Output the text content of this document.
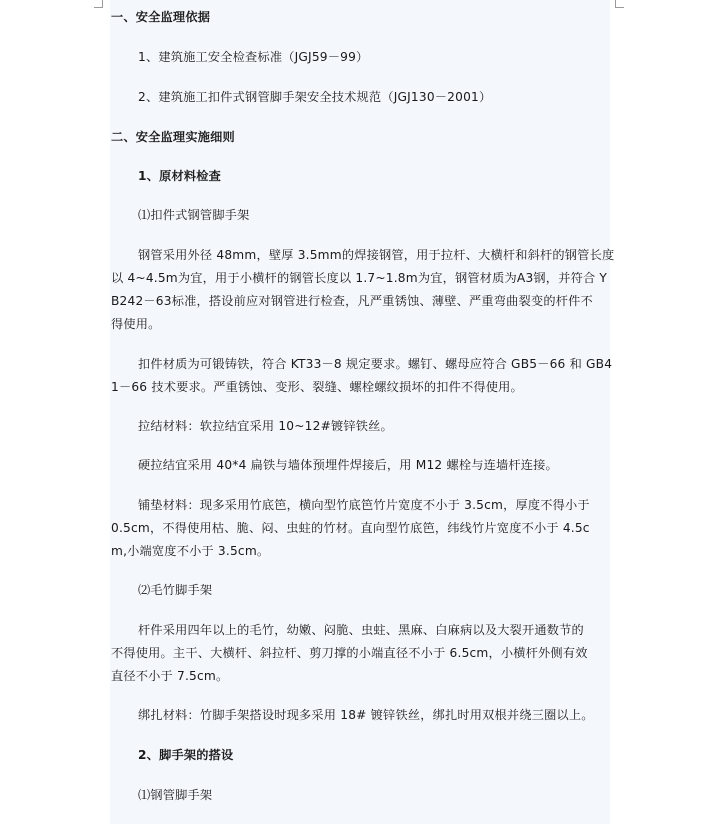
一、安全监理依据
1、建筑施工安全检查标准（JGJ59－99）
2、建筑施工扣件式钢管脚手架安全技术规范（JGJ130－2001）
二、安全监理实施细则
1、原材料检查
⑴扣件式钢管脚手架
钢管采用外径 48mm，壁厚 3.5mm的焊接钢管，用于拉杆、大横杆和斜杆的钢管长度
以 4~4.5m为宜，用于小横杆的钢管长度以 1.7~1.8m为宜，钢管材质为A3钢，并符合 Y
B242－63标准，搭设前应对钢管进行检查，凡严重锈蚀、薄壁、严重弯曲裂变的杆件不
得使用。
扣件材质为可锻铸铁，符合 KT33－8 规定要求。螺钉、螺母应符合 GB5－66 和 GB4
1－66 技术要求。严重锈蚀、变形、裂缝、螺栓螺纹损坏的扣件不得使用。
拉结材料：软拉结宜采用 10~12#镀锌铁丝。
硬拉结宜采用 40*4 扁铁与墙体预埋件焊接后，用 M12 螺栓与连墙杆连接。
铺垫材料：现多采用竹底笆，横向型竹底笆竹片宽度不小于 3.5cm，厚度不得小于
0.5cm，不得使用枯、脆、闷、虫蛀的竹材。直向型竹底笆，纬线竹片宽度不小于 4.5c
m,小端宽度不小于 3.5cm。
⑵毛竹脚手架
杆件采用四年以上的毛竹，幼嫩、闷脆、虫蛀、黑麻、白麻病以及大裂开通数节的
不得使用。主干、大横杆、斜拉杆、剪刀撑的小端直径不小于 6.5cm，小横杆外侧有效
直径不小于 7.5cm。
绑扎材料：竹脚手架搭设时现多采用 18# 镀锌铁丝，绑扎时用双根并绕三圈以上。
2、脚手架的搭设
⑴钢管脚手架
